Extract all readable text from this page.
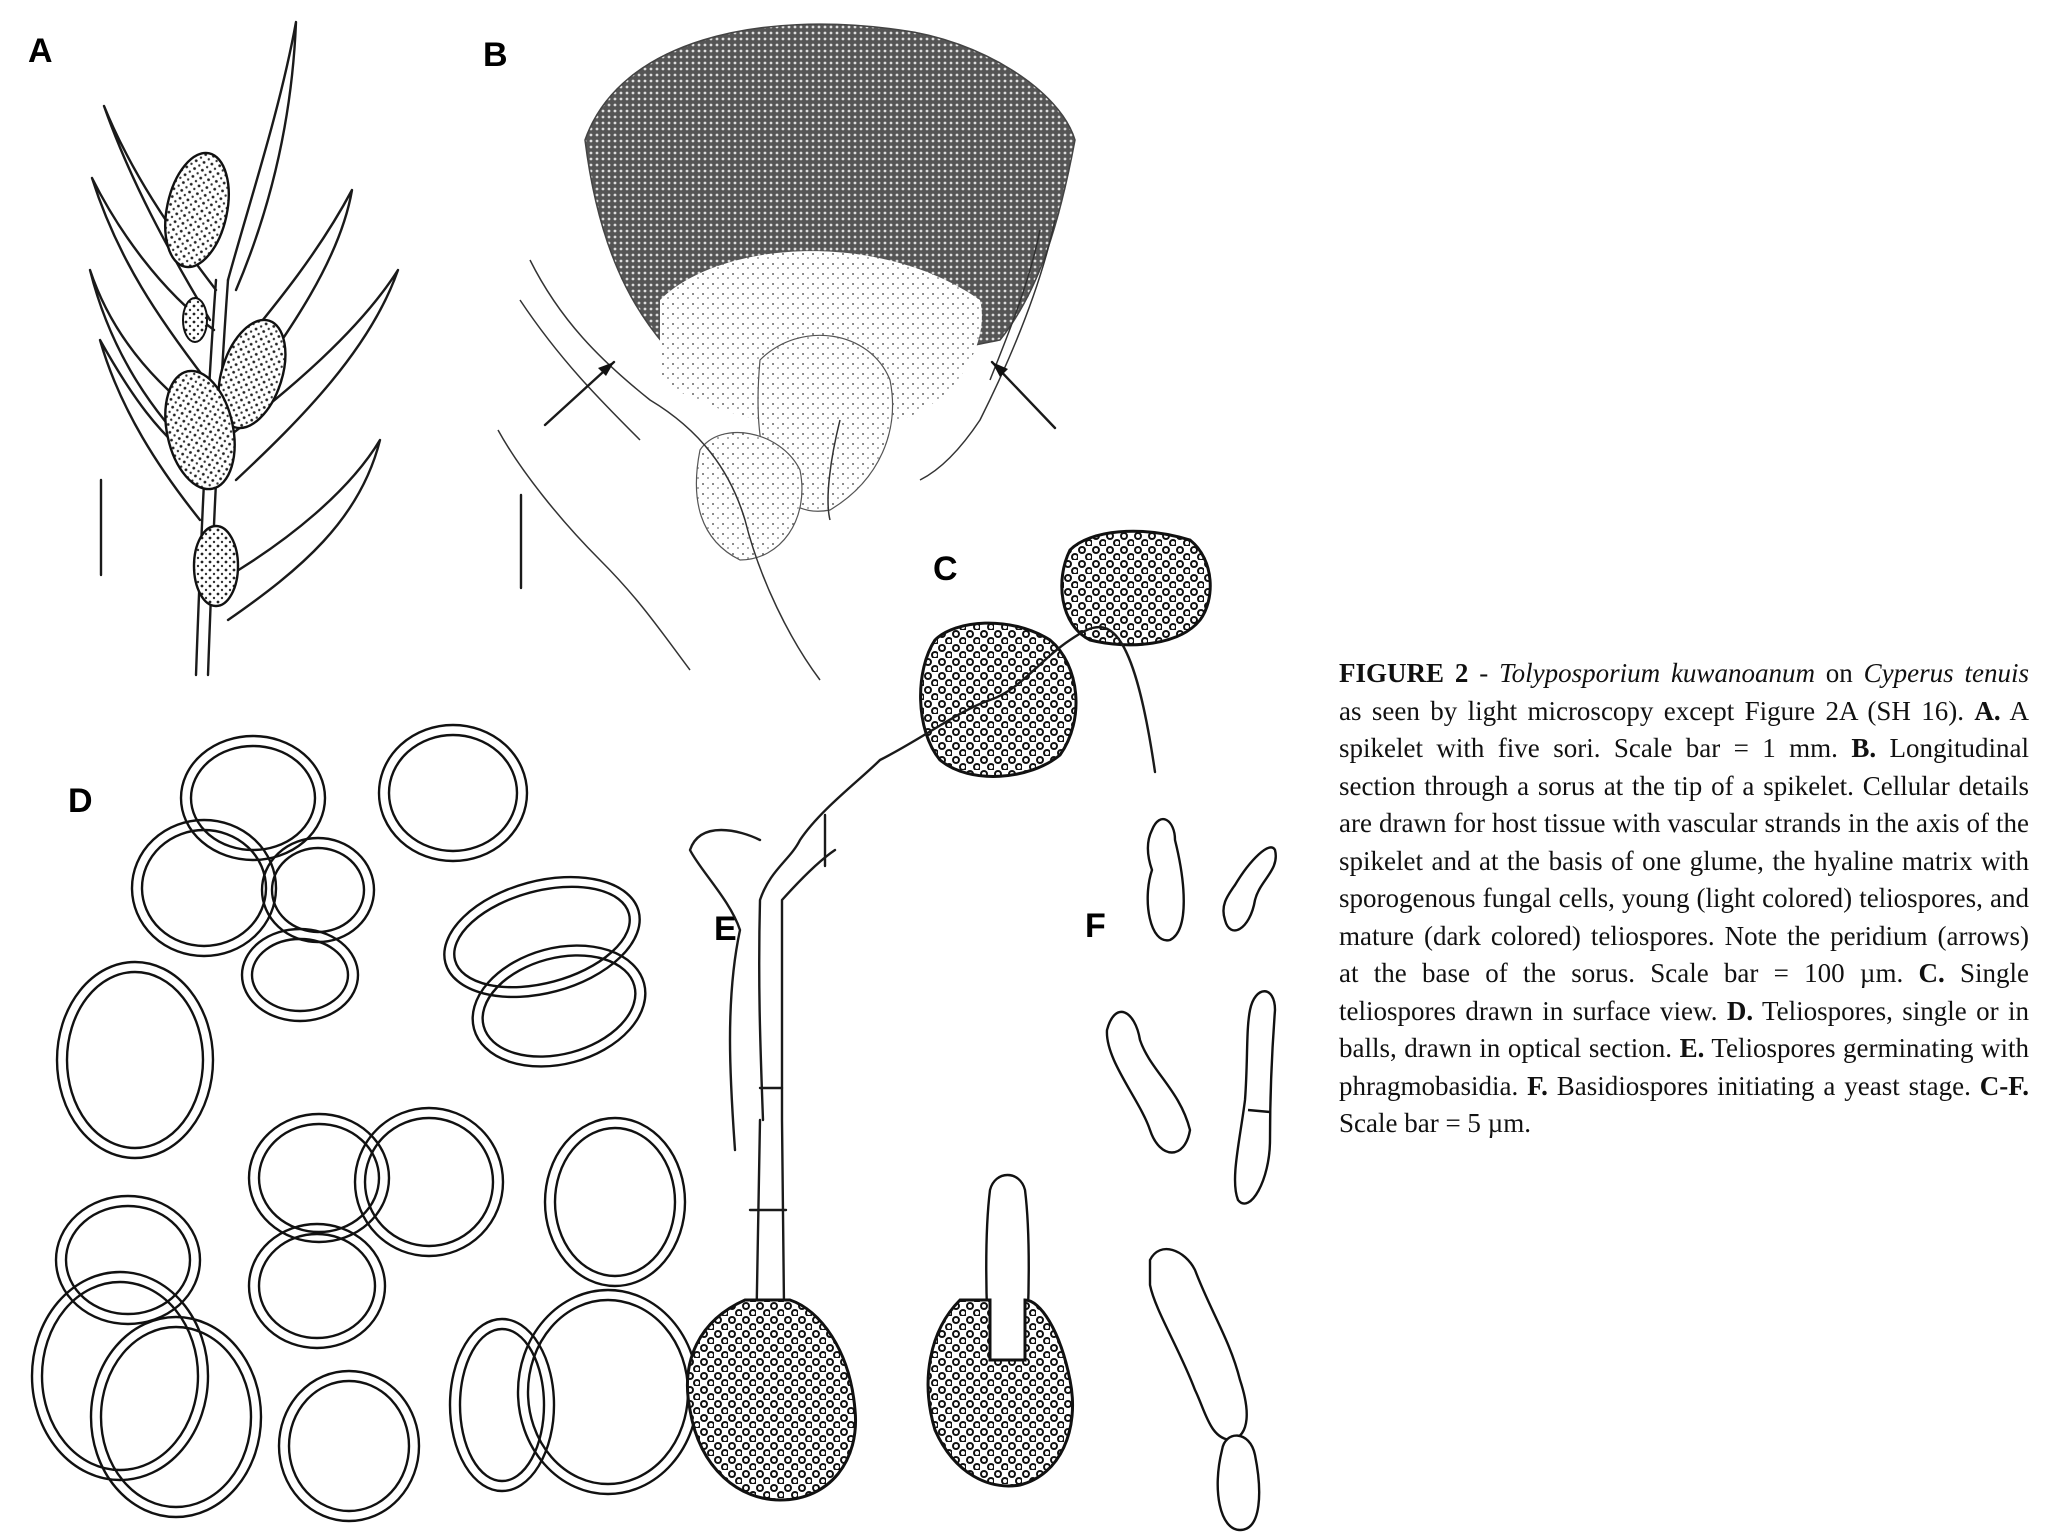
A	B
C
D
E	F
FIGURE 2 - Tolyposporium kuwanoanum on Cyperus tenuis as seen by light microscopy except Figure 2A (SH 16). A. A spikelet with five sori. Scale bar = 1 mm. B. Longitudinal section through a sorus at the tip of a spikelet. Cellular details are drawn for host tissue with vascular strands in the axis of the spikelet and at the basis of one glume, the hyaline matrix with sporogenous fungal cells, young (light colored) teliospores, and mature (dark colored) teliospores. Note the peridium (arrows) at the base of the sorus. Scale bar = 100 µm. C. Single teliospores drawn in surface view. D. Teliospores, single or in balls, drawn in optical section. E. Teliospores germinating with phragmobasidia. F. Basidiospores initiating a yeast stage. C-F. Scale bar = 5 µm.
